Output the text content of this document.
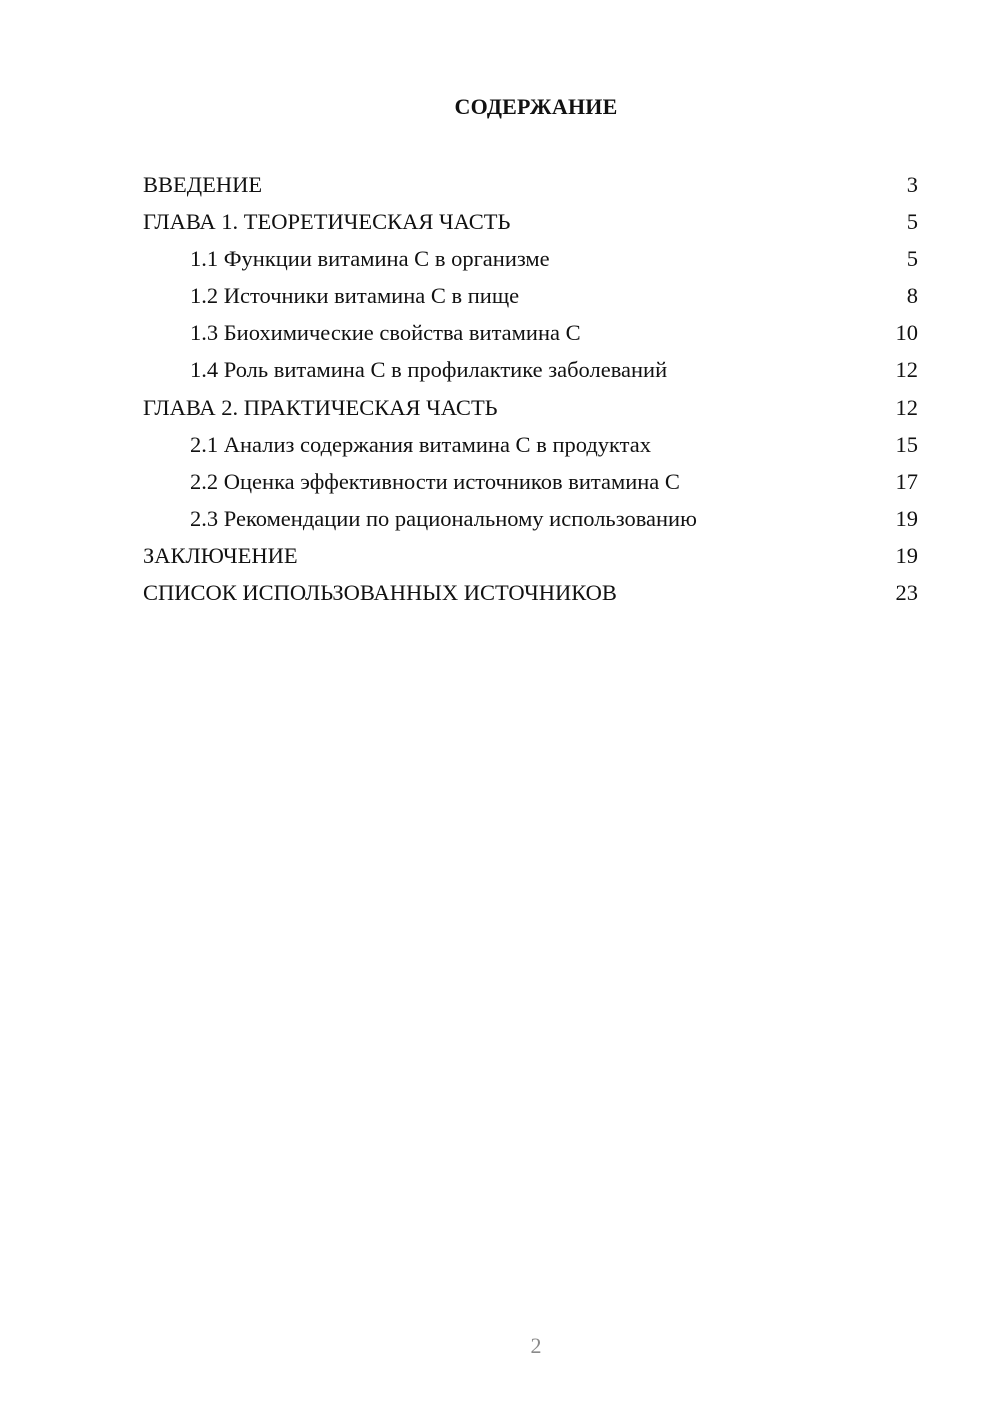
СОДЕРЖАНИЕ
ВВЕДЕНИЕ	3
ГЛАВА 1. ТЕОРЕТИЧЕСКАЯ ЧАСТЬ	5
1.1 Функции витамина С в организме	5
1.2 Источники витамина С в пище	8
1.3 Биохимические свойства витамина С	10
1.4 Роль витамина С в профилактике заболеваний	12
ГЛАВА 2. ПРАКТИЧЕСКАЯ ЧАСТЬ	12
2.1 Анализ содержания витамина С в продуктах	15
2.2 Оценка эффективности источников витамина С	17
2.3 Рекомендации по рациональному использованию	19
ЗАКЛЮЧЕНИЕ	19
СПИСОК ИСПОЛЬЗОВАННЫХ ИСТОЧНИКОВ	23
2
